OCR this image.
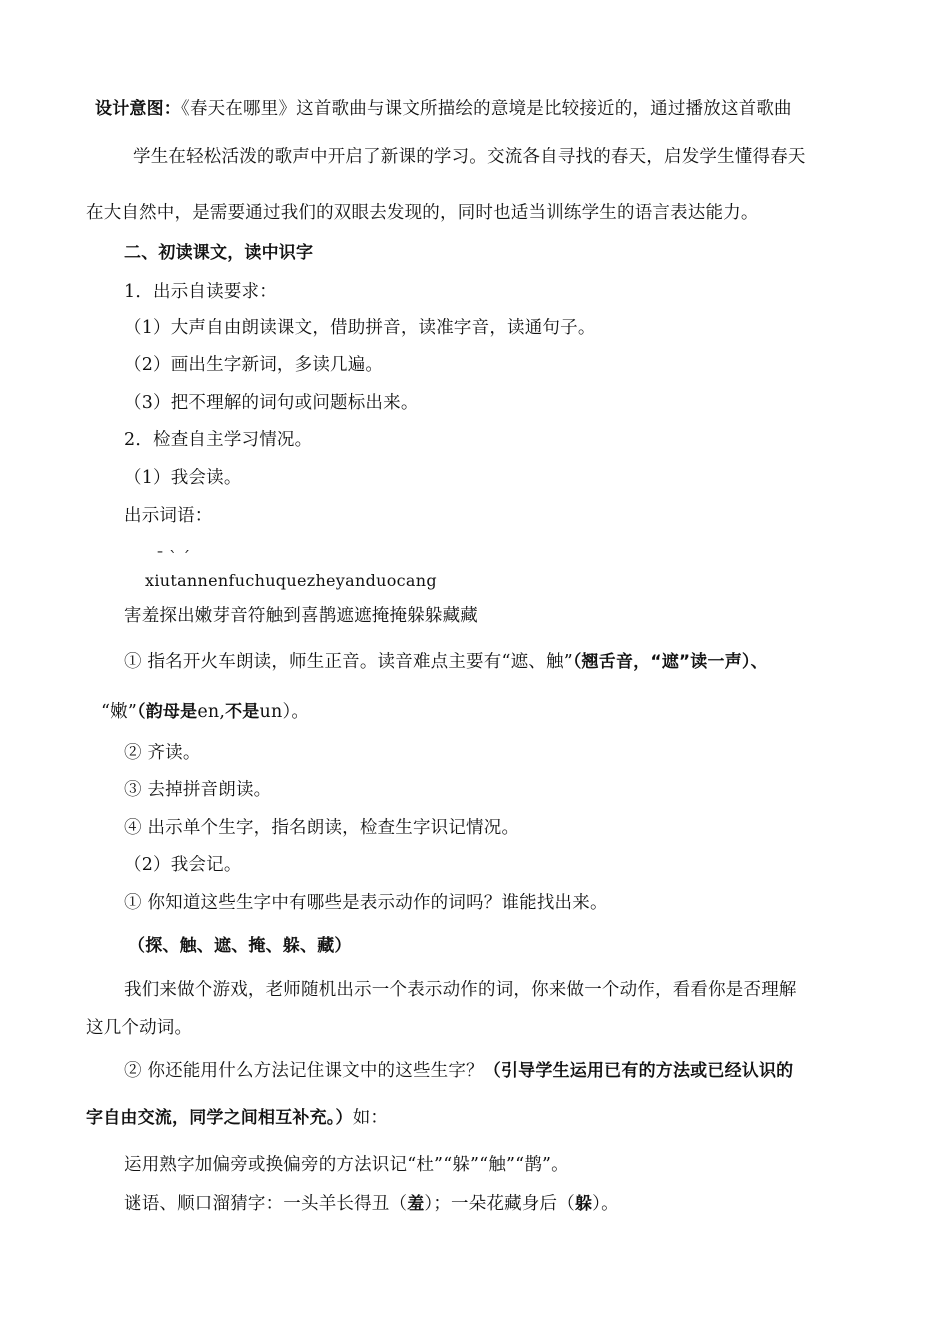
设计意图：《春天在哪里》这首歌曲与课文所描绘的意境是比较接近的，通过播放这首歌曲
学生在轻松活泼的歌声中开启了新课的学习。交流各自寻找的春天，启发学生懂得春天
在大自然中，是需要通过我们的双眼去发现的，同时也适当训练学生的语言表达能力。
二、初读课文，读中识字
1．出示自读要求：
（1）大声自由朗读课文，借助拼音，读准字音，读通句子。
（2）画出生字新词，多读几遍。
（3）把不理解的词句或问题标出来。
2．检查自主学习情况。
（1）我会读。
出示词语：
ˉ ˋ ˊ
xiutannenfuchuquezheyanduocang
害羞探出嫩芽音符触到喜鹊遮遮掩掩躲躲藏藏
① 指名开火车朗读，师生正音。读音难点主要有“遮、触”（翘舌音，“遮”读一声）、
“嫩”（韵母是en,不是un）。
② 齐读。
③ 去掉拼音朗读。
④ 出示单个生字，指名朗读，检查生字识记情况。
（2）我会记。
① 你知道这些生字中有哪些是表示动作的词吗？谁能找出来。
（探、触、遮、掩、躲、藏）
我们来做个游戏，老师随机出示一个表示动作的词，你来做一个动作，看看你是否理解
这几个动词。
② 你还能用什么方法记住课文中的这些生字？（引导学生运用已有的方法或已经认识的
字自由交流，同学之间相互补充。）如：
运用熟字加偏旁或换偏旁的方法识记“杜”“躲”“触”“鹊”。
谜语、顺口溜猜字：一头羊长得丑（羞）；一朵花藏身后（躲）。
